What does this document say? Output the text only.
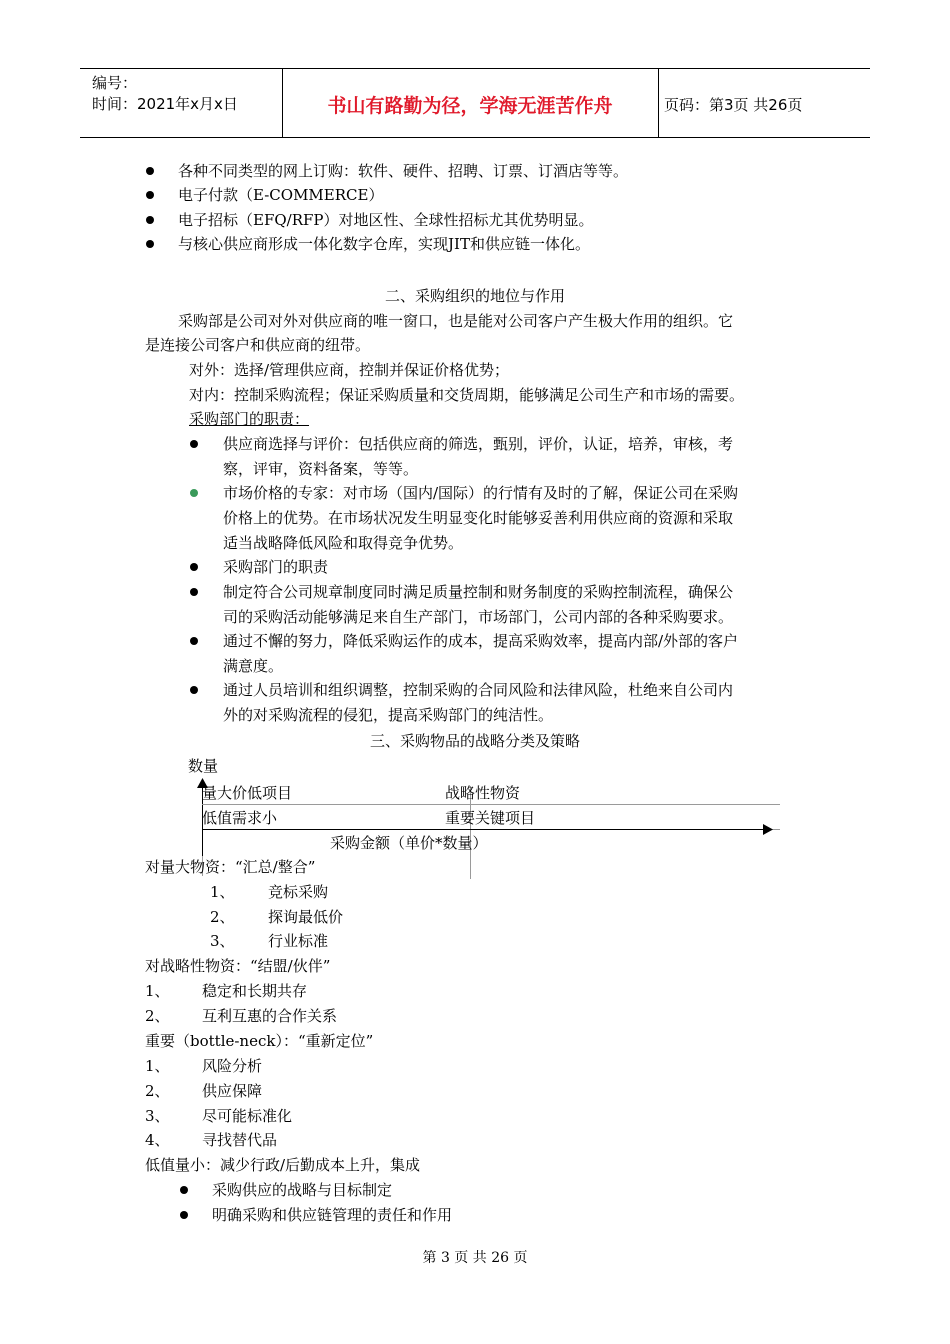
编号：
时间：2021年x月x日	书山有路勤为径，学海无涯苦作舟	页码：第3页 共26页
各种不同类型的网上订购：软件、硬件、招聘、订票、订酒店等等。
电子付款（E-COMMERCE）
电子招标（EFQ/RFP）对地区性、全球性招标尤其优势明显。
与核心供应商形成一体化数字仓库，实现JIT和供应链一体化。
二、采购组织的地位与作用
采购部是公司对外对供应商的唯一窗口，也是能对公司客户产生极大作用的组织。它
是连接公司客户和供应商的纽带。
对外：选择/管理供应商，控制并保证价格优势；
对内：控制采购流程；保证采购质量和交货周期，能够满足公司生产和市场的需要。
采购部门的职责：
供应商选择与评价：包括供应商的筛选，甄别，评价，认证，培养，审核，考
察，评审，资料备案，等等。
市场价格的专家：对市场（国内/国际）的行情有及时的了解，保证公司在采购
价格上的优势。在市场状况发生明显变化时能够妥善利用供应商的资源和采取
适当战略降低风险和取得竞争优势。
采购部门的职责
制定符合公司规章制度同时满足质量控制和财务制度的采购控制流程，确保公
司的采购活动能够满足来自生产部门，市场部门，公司内部的各种采购要求。
通过不懈的努力，降低采购运作的成本，提高采购效率，提高内部/外部的客户
满意度。
通过人员培训和组织调整，控制采购的合同风险和法律风险，杜绝来自公司内
外的对采购流程的侵犯，提高采购部门的纯洁性。
三、采购物品的战略分类及策略
数量
量大价低项目	战略性物资
低值需求小	重要关键项目
采购金额（单价*数量）
对量大物资：“汇总/整合”
1、 竞标采购
2、 探询最低价
3、 行业标准
对战略性物资：“结盟/伙伴”
1、 稳定和长期共存
2、 互利互惠的合作关系
重要（bottle-neck）：“重新定位”
1、 风险分析
2、 供应保障
3、 尽可能标准化
4、 寻找替代品
低值量小：减少行政/后勤成本上升，集成
采购供应的战略与目标制定
明确采购和供应链管理的责任和作用
第 3 页 共 26 页
